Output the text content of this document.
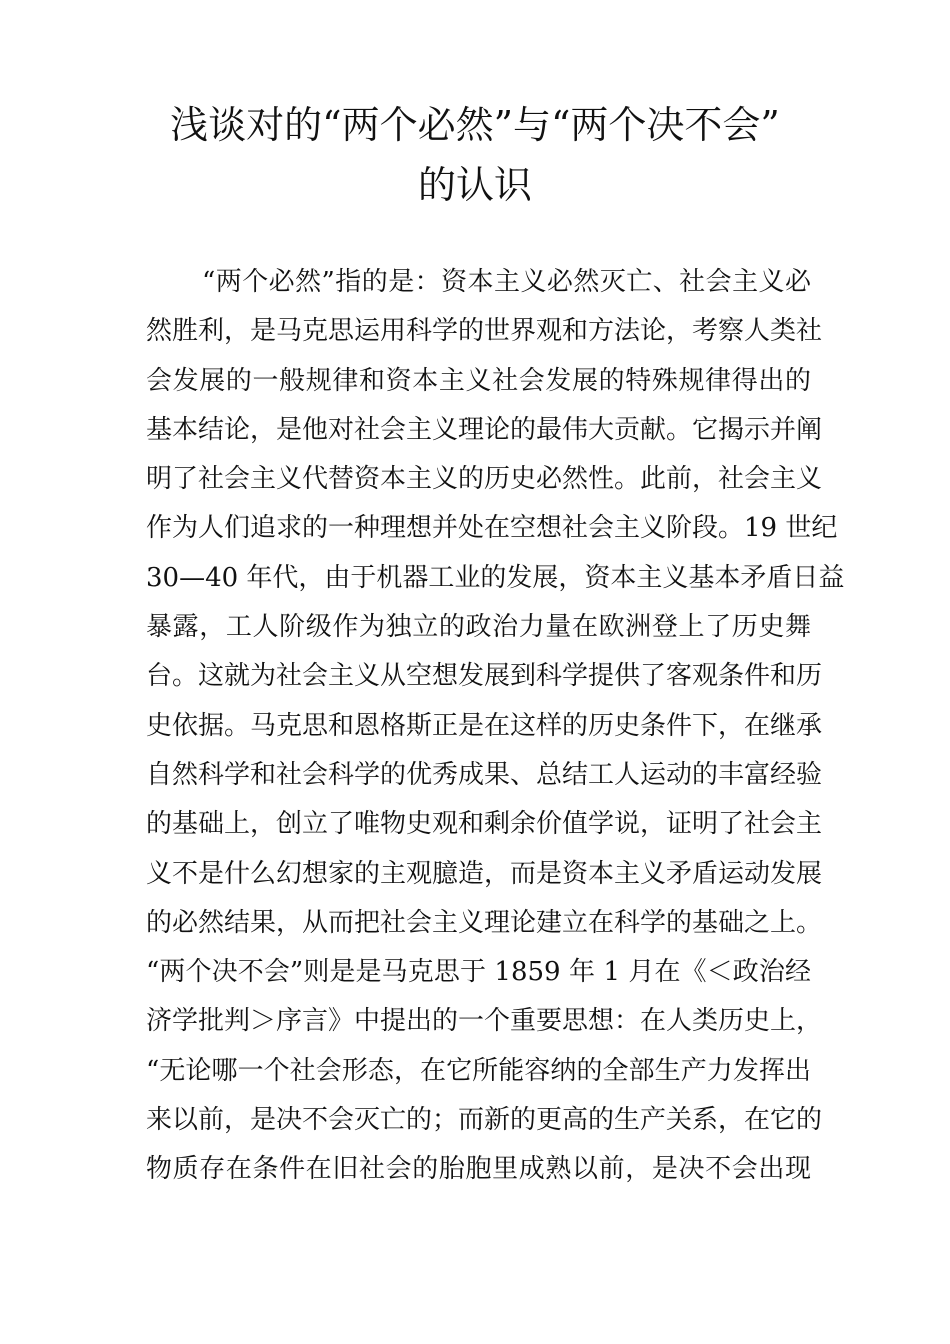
浅谈对的“两个必然”与“两个决不会”
的认识
“两个必然”指的是：资本主义必然灭亡、社会主义必
然胜利，是马克思运用科学的世界观和方法论，考察人类社
会发展的一般规律和资本主义社会发展的特殊规律得出的
基本结论，是他对社会主义理论的最伟大贡献。它揭示并阐
明了社会主义代替资本主义的历史必然性。此前，社会主义
作为人们追求的一种理想并处在空想社会主义阶段。19 世纪
30—40 年代，由于机器工业的发展，资本主义基本矛盾日益
暴露，工人阶级作为独立的政治力量在欧洲登上了历史舞
台。这就为社会主义从空想发展到科学提供了客观条件和历
史依据。马克思和恩格斯正是在这样的历史条件下，在继承
自然科学和社会科学的优秀成果、总结工人运动的丰富经验
的基础上，创立了唯物史观和剩余价值学说，证明了社会主
义不是什么幻想家的主观臆造，而是资本主义矛盾运动发展
的必然结果，从而把社会主义理论建立在科学的基础之上。
“两个决不会”则是是马克思于 1859 年 1 月在《＜政治经
济学批判＞序言》中提出的一个重要思想：在人类历史上，
“无论哪一个社会形态，在它所能容纳的全部生产力发挥出
来以前，是决不会灭亡的；而新的更高的生产关系，在它的
物质存在条件在旧社会的胎胞里成熟以前，是决不会出现
